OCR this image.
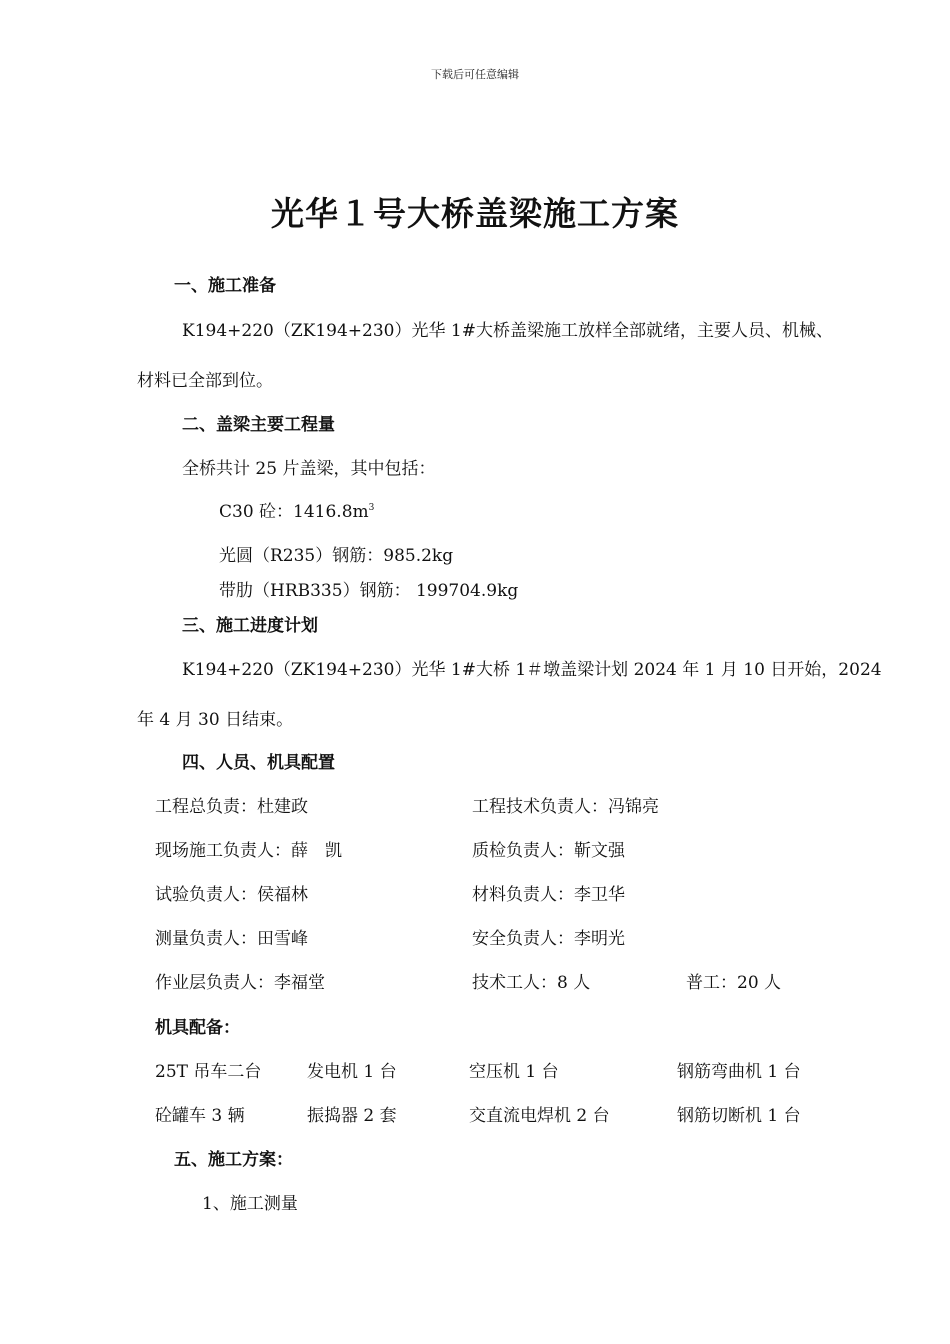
下载后可任意编辑
光华１号大桥盖梁施工方案
一、施工准备
K194+220（ZK194+230）光华 1#大桥盖梁施工放样全部就绪，主要人员、机械、
材料已全部到位。
二、盖梁主要工程量
全桥共计 25 片盖梁，其中包括：
C30 砼：$1416.8m^3$
光圆（R235）钢筋：985.2kg
带肋（HRB335）钢筋： 199704.9kg
三、施工进度计划
K194+220（ZK194+230）光华 1#大桥 1＃墩盖梁计划 2024 年 1 月 10 日开始，2024
年 4 月 30 日结束。
四、人员、机具配置
工程总负责：杜建政	工程技术负责人：冯锦亮
现场施工负责人：薛　凯	质检负责人：靳文强
试验负责人：侯福林	材料负责人：李卫华
测量负责人：田雪峰	安全负责人：李明光
作业层负责人：李福堂	技术工人：8 人	普工：20 人
机具配备：
25T 吊车二台	发电机 1 台	空压机 1 台	钢筋弯曲机 1 台
砼罐车 3 辆	振捣器 2 套	交直流电焊机 2 台	钢筋切断机 1 台
五、施工方案：
1、施工测量
